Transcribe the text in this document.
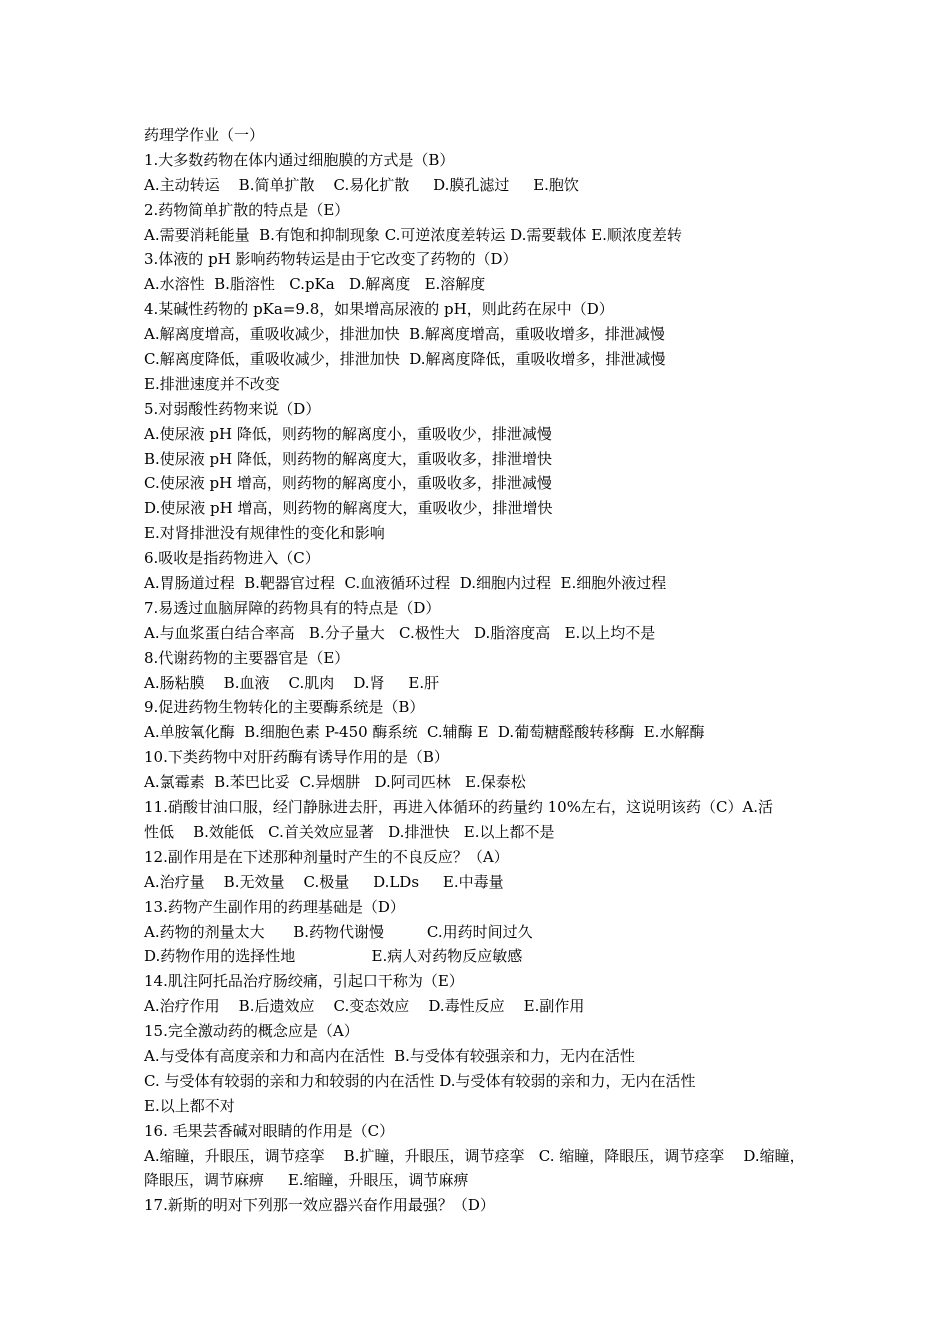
药理学作业（一）
1.大多数药物在体内通过细胞膜的方式是（B）
A.主动转运    B.简单扩散    C.易化扩散     D.膜孔滤过     E.胞饮
2.药物简单扩散的特点是（E）
A.需要消耗能量  B.有饱和抑制现象 C.可逆浓度差转运 D.需要载体 E.顺浓度差转
3.体液的 pH 影响药物转运是由于它改变了药物的（D）
A.水溶性  B.脂溶性   C.pKa   D.解离度   E.溶解度
4.某碱性药物的 pKa=9.8，如果增高尿液的 pH，则此药在尿中（D）
A.解离度增高，重吸收减少，排泄加快  B.解离度增高，重吸收增多，排泄减慢
C.解离度降低，重吸收减少，排泄加快  D.解离度降低，重吸收增多，排泄减慢
E.排泄速度并不改变
5.对弱酸性药物来说（D）
A.使尿液 pH 降低，则药物的解离度小，重吸收少，排泄减慢
B.使尿液 pH 降低，则药物的解离度大，重吸收多，排泄增快
C.使尿液 pH 增高，则药物的解离度小，重吸收多，排泄减慢
D.使尿液 pH 增高，则药物的解离度大，重吸收少，排泄增快
E.对肾排泄没有规律性的变化和影响
6.吸收是指药物进入（C）
A.胃肠道过程  B.靶器官过程  C.血液循环过程  D.细胞内过程  E.细胞外液过程
7.易透过血脑屏障的药物具有的特点是（D）
A.与血浆蛋白结合率高   B.分子量大   C.极性大   D.脂溶度高   E.以上均不是
8.代谢药物的主要器官是（E）
A.肠粘膜    B.血液    C.肌肉    D.肾     E.肝
9.促进药物生物转化的主要酶系统是（B）
A.单胺氧化酶  B.细胞色素 P-450 酶系统  C.辅酶 E  D.葡萄糖醛酸转移酶  E.水解酶
10.下类药物中对肝药酶有诱导作用的是（B）
A.氯霉素  B.苯巴比妥  C.异烟肼   D.阿司匹林   E.保泰松
11.硝酸甘油口服，经门静脉进去肝，再进入体循环的药量约 10%左右，这说明该药（C）A.活
性低    B.效能低   C.首关效应显著   D.排泄快   E.以上都不是
12.副作用是在下述那种剂量时产生的不良反应？（A）
A.治疗量    B.无效量    C.极量     D.LDs     E.中毒量
13.药物产生副作用的药理基础是（D）
A.药物的剂量太大      B.药物代谢慢         C.用药时间过久
D.药物作用的选择性地                E.病人对药物反应敏感
14.肌注阿托品治疗肠绞痛，引起口干称为（E）
A.治疗作用    B.后遗效应    C.变态效应    D.毒性反应    E.副作用
15.完全激动药的概念应是（A）
A.与受体有高度亲和力和高内在活性  B.与受体有较强亲和力，无内在活性
C. 与受体有较弱的亲和力和较弱的内在活性 D.与受体有较弱的亲和力，无内在活性
E.以上都不对
16. 毛果芸香碱对眼睛的作用是（C）
A.缩瞳，升眼压，调节痉挛    B.扩瞳，升眼压，调节痉挛   C. 缩瞳，降眼压，调节痉挛    D.缩瞳，
降眼压，调节麻痹     E.缩瞳，升眼压，调节麻痹
17.新斯的明对下列那一效应器兴奋作用最强？（D）
